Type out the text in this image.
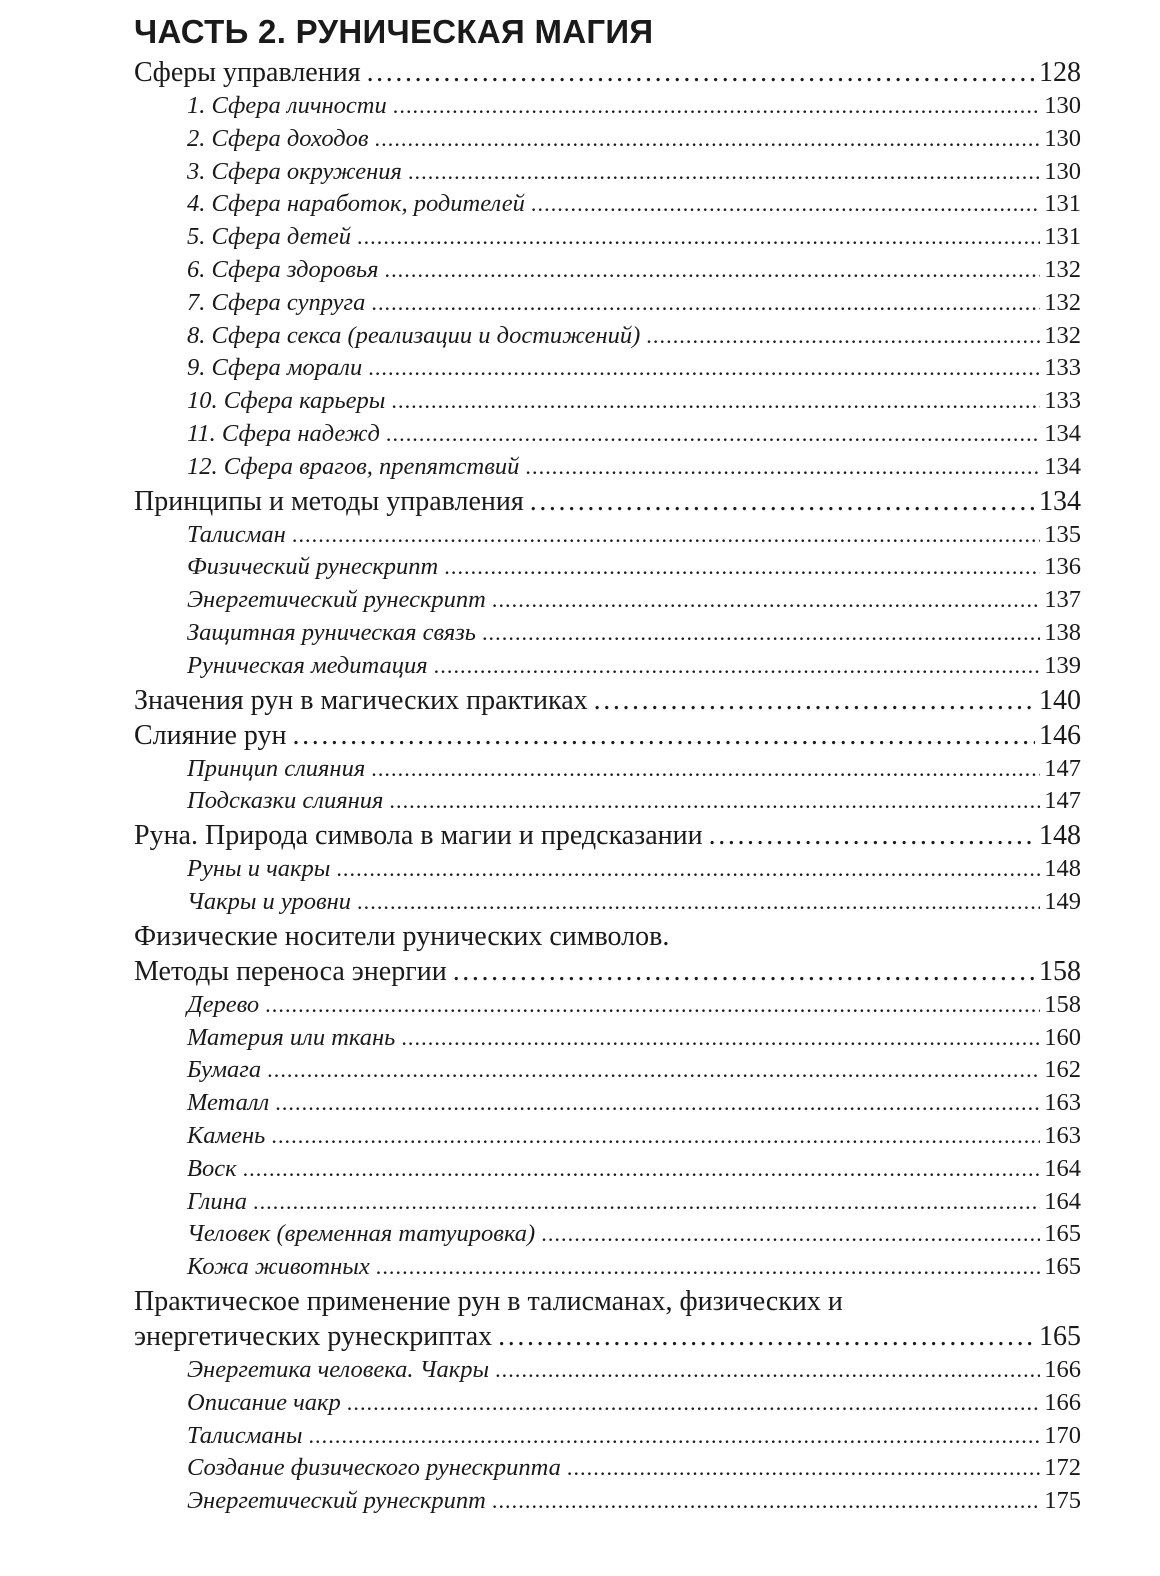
ЧАСТЬ 2. РУНИЧЕСКАЯ МАГИЯ
Сферы управления . . .	128
1. Сфера личности . . .	130
2. Сфера доходов . . .	130
3. Сфера окружения . . .	130
4. Сфера наработок, родителей . . .	131
5. Сфера детей . . .	131
6. Сфера здоровья . . .	132
7. Сфера супруга . . .	132
8. Сфера секса (реализации и достижений) . . .	132
9. Сфера морали . . .	133
10. Сфера карьеры . . .	133
11. Сфера надежд . . .	134
12. Сфера врагов, препятствий . . .	134
Принципы и методы управления . . .	134
Талисман . . .	135
Физический рунескрипт . . .	136
Энергетический рунескрипт . . .	137
Защитная руническая связь . . .	138
Руническая медитация . . .	139
Значения рун в магических практиках . . .	140
Слияние рун . . .	146
Принцип слияния . . .	147
Подсказки слияния . . .	147
Руна. Природа символа в магии и предсказании . . .	148
Руны и чакры . . .	148
Чакры и уровни . . .	149
Физические носители рунических символов.
Методы переноса энергии . . .	158
Дерево . . .	158
Материя или ткань . . .	160
Бумага . . .	162
Металл . . .	163
Камень . . .	163
Воск . . .	164
Глина . . .	164
Человек (временная татуировка) . . .	165
Кожа животных . . .	165
Практическое применение рун в талисманах, физических и
энергетических рунескриптах . . .	165
Энергетика человека. Чакры . . .	166
Описание чакр . . .	166
Талисманы . . .	170
Создание физического рунескрипта . . .	172
Энергетический рунескрипт . . .	175
